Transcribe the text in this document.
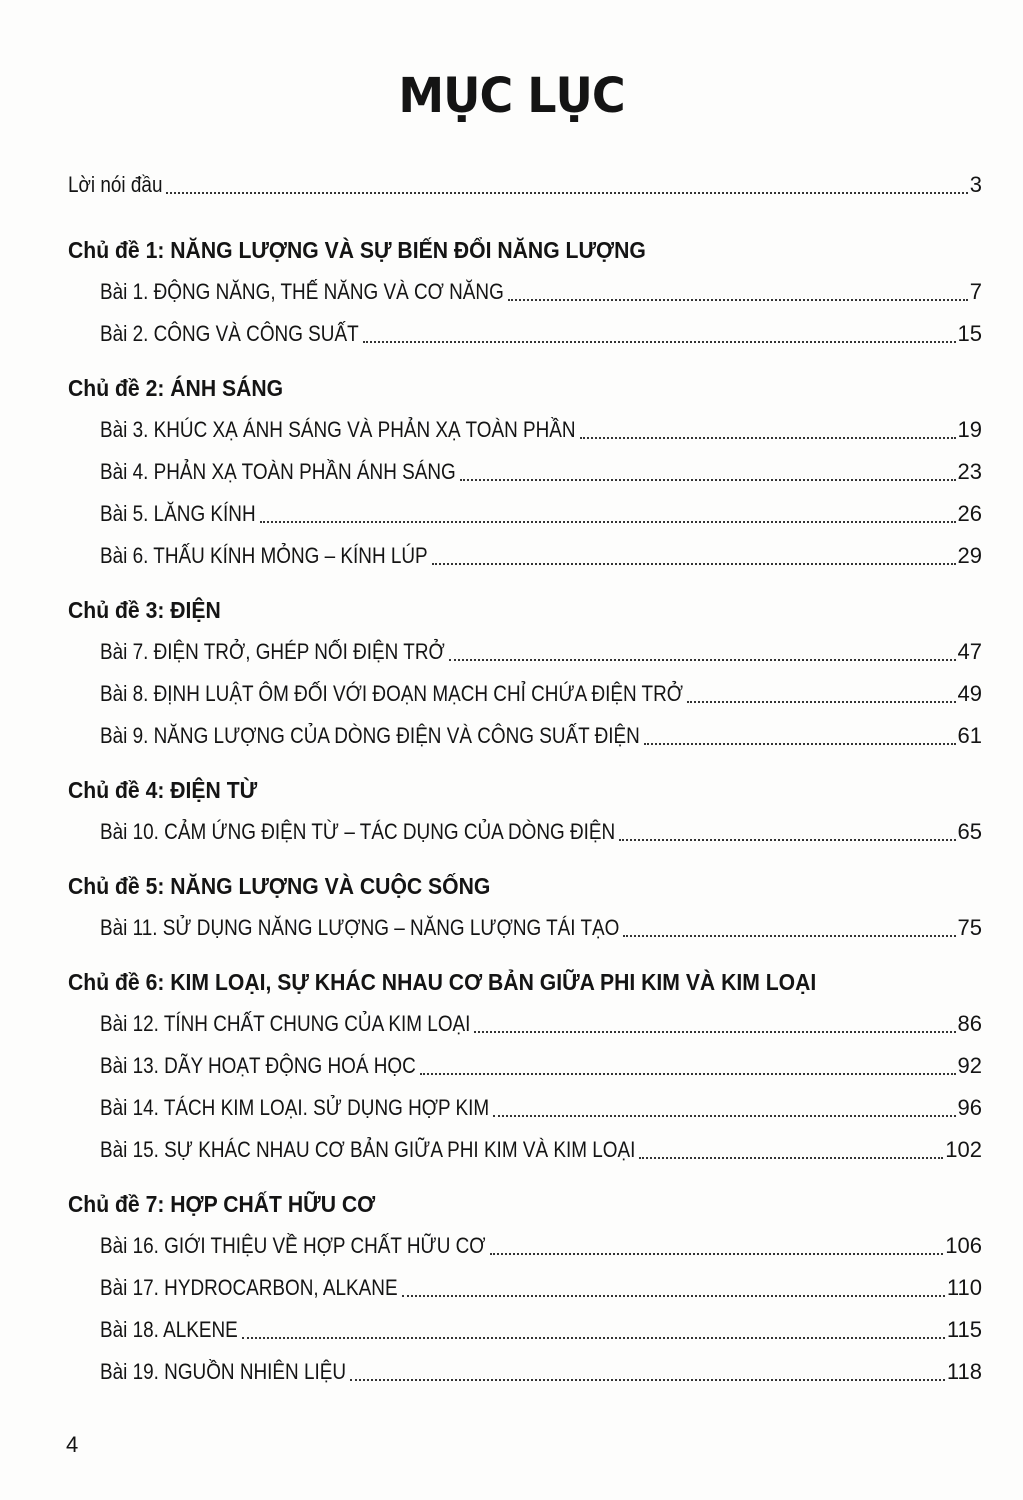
MỤC LỤC
Lời nói đầu	3
Chủ đề 1: NĂNG LƯỢNG VÀ SỰ BIẾN ĐỔI NĂNG LƯỢNG
Bài 1. ĐỘNG NĂNG, THẾ NĂNG VÀ CƠ NĂNG	7
Bài 2. CÔNG VÀ CÔNG SUẤT	15
Chủ đề 2: ÁNH SÁNG
Bài 3. KHÚC XẠ ÁNH SÁNG VÀ PHẢN XẠ TOÀN PHẦN	19
Bài 4. PHẢN XẠ TOÀN PHẦN ÁNH SÁNG	23
Bài 5. LĂNG KÍNH	26
Bài 6. THẤU KÍNH MỎNG – KÍNH LÚP	29
Chủ đề 3: ĐIỆN
Bài 7. ĐIỆN TRỞ, GHÉP NỐI ĐIỆN TRỞ	47
Bài 8. ĐỊNH LUẬT ÔM ĐỐI VỚI ĐOẠN MẠCH CHỈ CHỨA ĐIỆN TRỞ	49
Bài 9. NĂNG LƯỢNG CỦA DÒNG ĐIỆN VÀ CÔNG SUẤT ĐIỆN	61
Chủ đề 4: ĐIỆN TỪ
Bài 10. CẢM ỨNG ĐIỆN TỪ – TÁC DỤNG CỦA DÒNG ĐIỆN	65
Chủ đề 5: NĂNG LƯỢNG VÀ CUỘC SỐNG
Bài 11. SỬ DỤNG NĂNG LƯỢNG – NĂNG LƯỢNG TÁI TẠO	75
Chủ đề 6: KIM LOẠI, SỰ KHÁC NHAU CƠ BẢN GIỮA PHI KIM VÀ KIM LOẠI
Bài 12. TÍNH CHẤT CHUNG CỦA KIM LOẠI	86
Bài 13. DÃY HOẠT ĐỘNG HOÁ HỌC	92
Bài 14. TÁCH KIM LOẠI. SỬ DỤNG HỢP KIM	96
Bài 15. SỰ KHÁC NHAU CƠ BẢN GIỮA PHI KIM VÀ KIM LOẠI	102
Chủ đề 7: HỢP CHẤT HỮU CƠ
Bài 16. GIỚI THIỆU VỀ HỢP CHẤT HỮU CƠ	106
Bài 17. HYDROCARBON, ALKANE	110
Bài 18. ALKENE	115
Bài 19. NGUỒN NHIÊN LIỆU	118
4
